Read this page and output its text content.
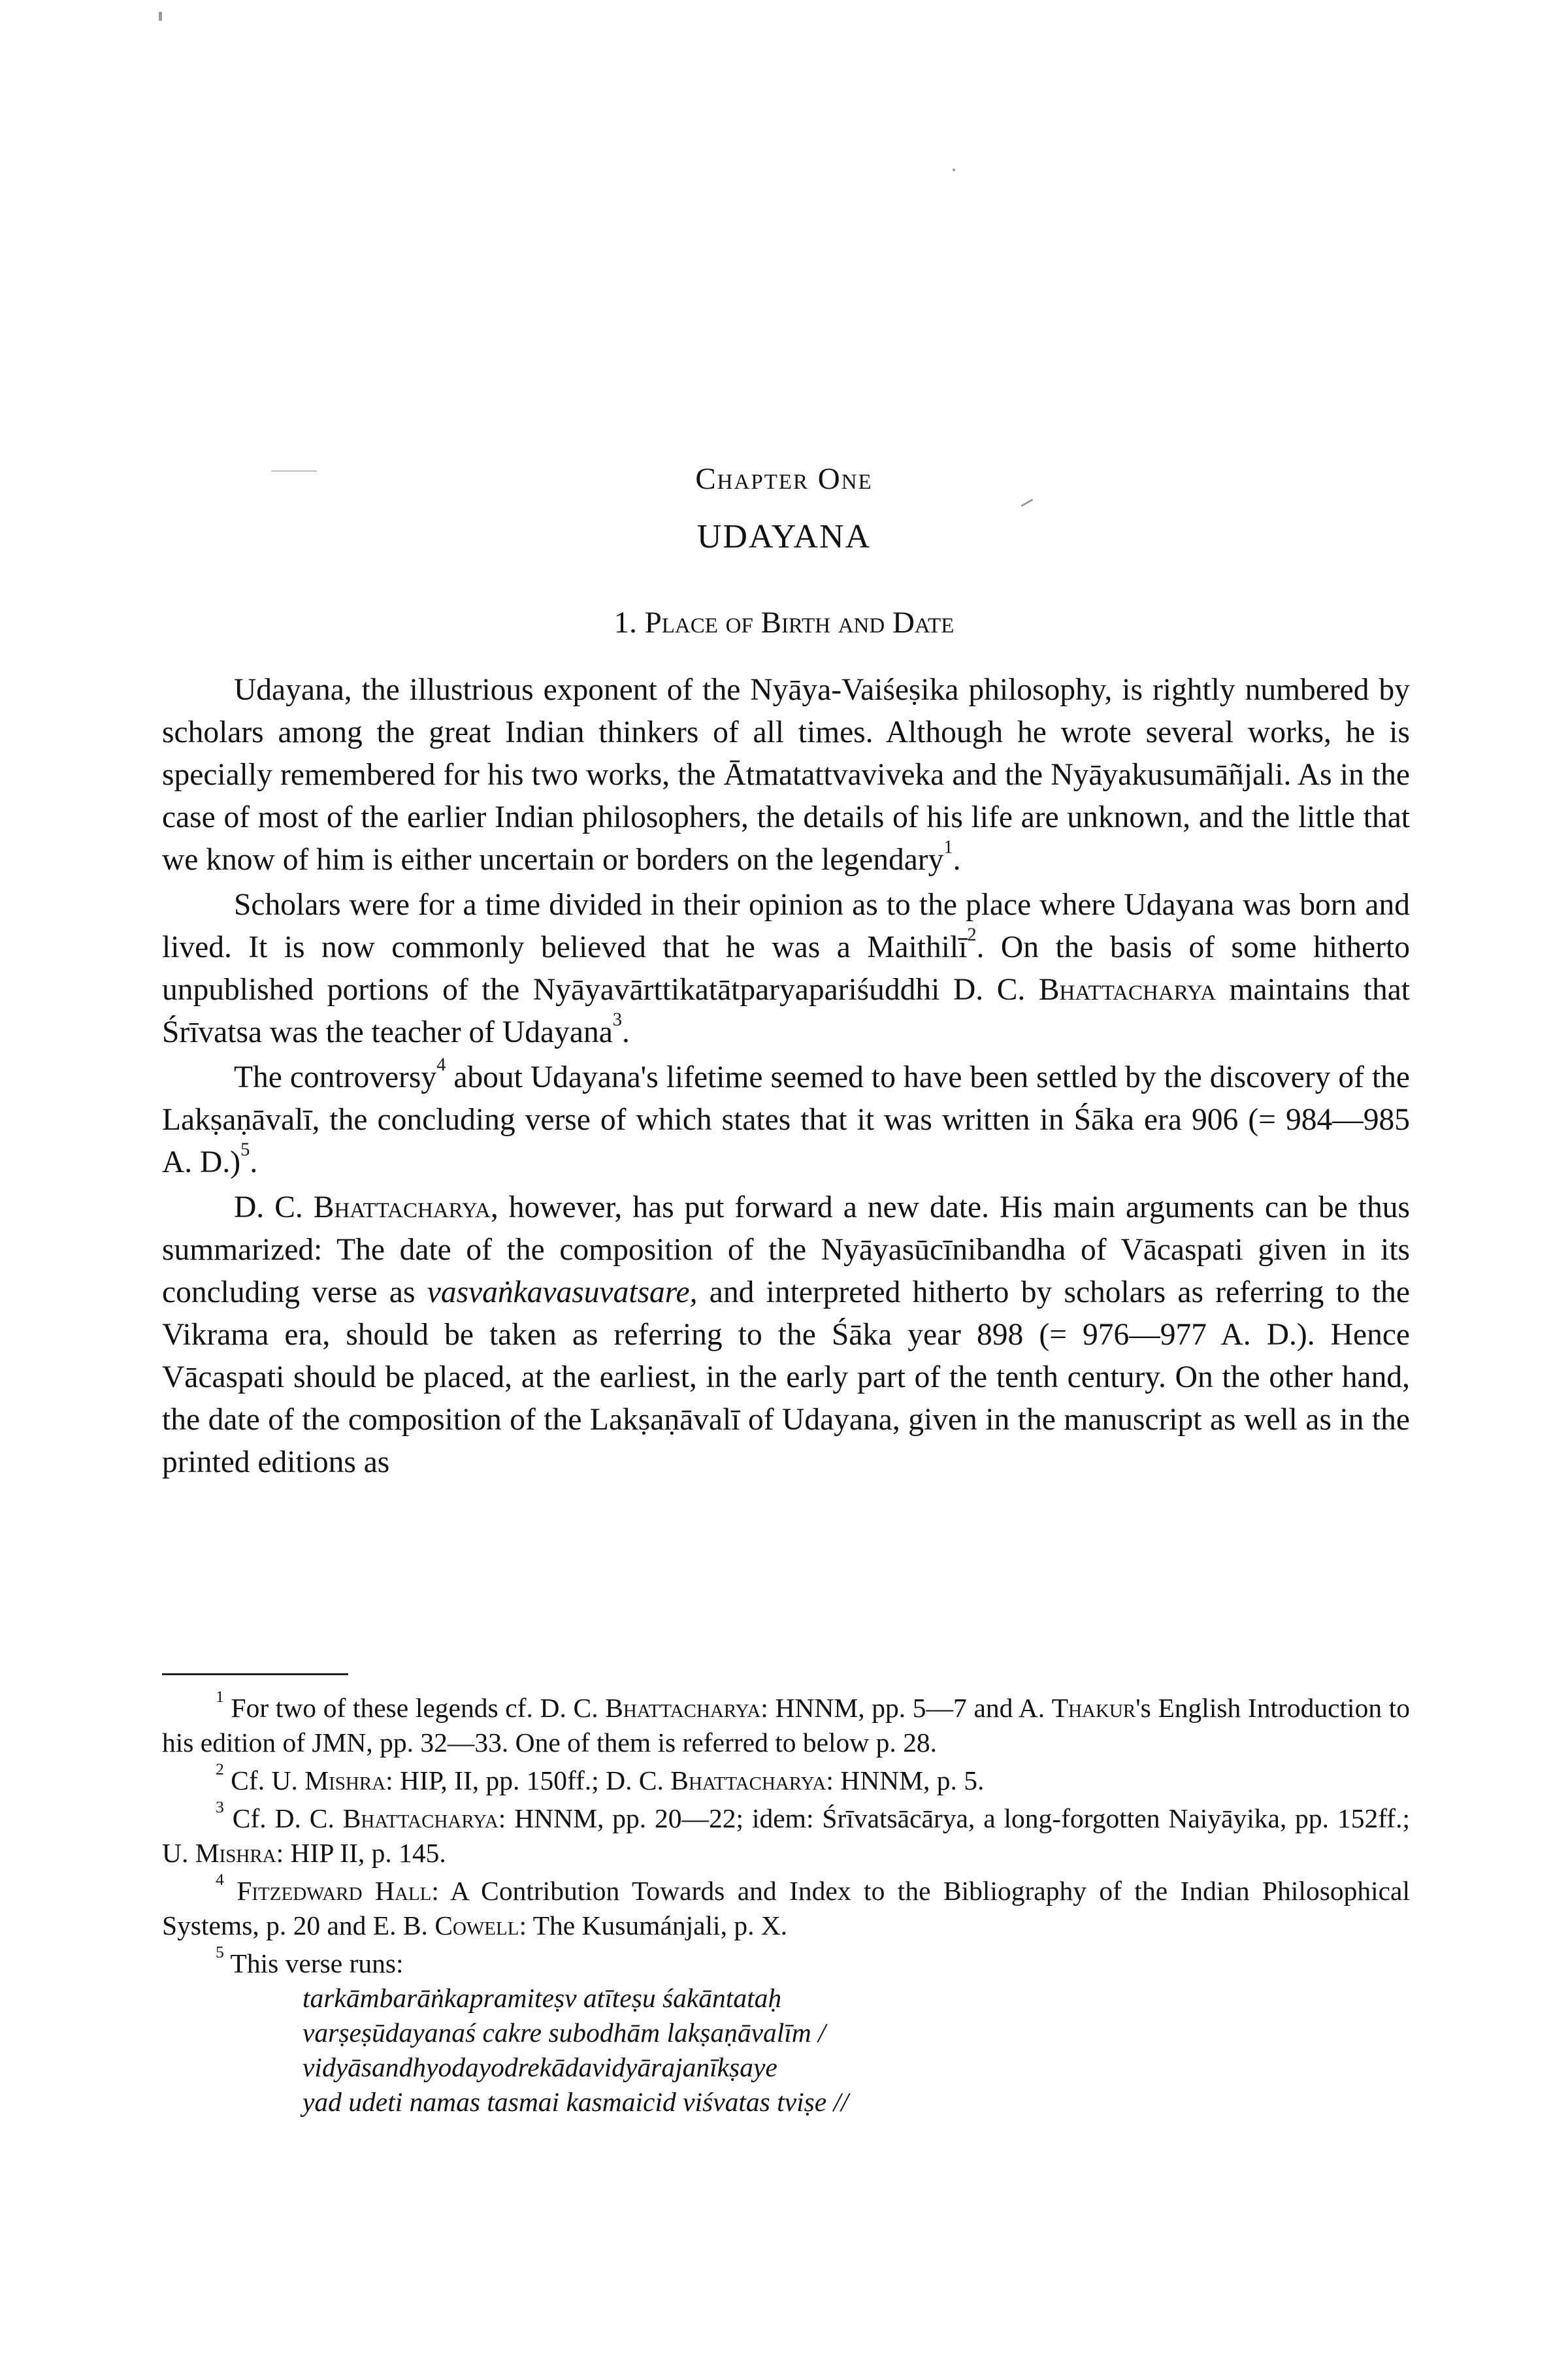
Chapter One
UDAYANA
1. Place of Birth and Date

Udayana, the illustrious exponent of the Nyāya-Vaiśeṣika philosophy, is rightly numbered by scholars among the great Indian thinkers of all times. Although he wrote several works, he is specially remembered for his two works, the Ātmatattvaviveka and the Nyāyakusumāñjali. As in the case of most of the earlier Indian philosophers, the details of his life are unknown, and the little that we know of him is either uncertain or borders on the legendary$^1$.

Scholars were for a time divided in their opinion as to the place where Udayana was born and lived. It is now commonly believed that he was a Maithilī$^2$. On the basis of some hitherto unpublished portions of the Nyāyavārttikatātparyapariśuddhi D. C. Bhattacharya maintains that Śrīvatsa was the teacher of Udayana$^3$.

The controversy$^4$ about Udayana's lifetime seemed to have been settled by the discovery of the Lakṣaṇāvalī, the concluding verse of which states that it was written in Śāka era 906 (= 984—985 A. D.)$^5$.

D. C. Bhattacharya, however, has put forward a new date. His main arguments can be thus summarized: The date of the composition of the Nyāyasūcīnibandha of Vācaspati given in its concluding verse as vasvaṅkavasuvatsare, and interpreted hitherto by scholars as referring to the Vikrama era, should be taken as referring to the Śāka year 898 (= 976—977 A. D.). Hence Vācaspati should be placed, at the earliest, in the early part of the tenth century. On the other hand, the date of the composition of the Lakṣaṇāvalī of Udayana, given in the manuscript as well as in the printed editions as

$^1$ For two of these legends cf. D. C. Bhattacharya: HNNM, pp. 5—7 and A. Thakur's English Introduction to his edition of JMN, pp. 32—33. One of them is referred to below p. 28.

$^2$ Cf. U. Mishra: HIP, II, pp. 150ff.; D. C. Bhattacharya: HNNM, p. 5.

$^3$ Cf. D. C. Bhattacharya: HNNM, pp. 20—22; idem: Śrīvatsācārya, a long-forgotten Naiyāyika, pp. 152ff.; U. Mishra: HIP II, p. 145.

$^4$ Fitzedward Hall: A Contribution Towards and Index to the Bibliography of the Indian Philosophical Systems, p. 20 and E. B. Cowell: The Kusumánjali, p. X.

$^5$ This verse runs:

tarkāmbarāṅkapramiteṣv atīteṣu śakāntataḥ
varṣeṣūdayanaś cakre subodhām lakṣaṇāvalīm /
vidyāsandhyodayodrekādavidyārajanīkṣaye
yad udeti namas tasmai kasmaicid viśvatas tviṣe //
